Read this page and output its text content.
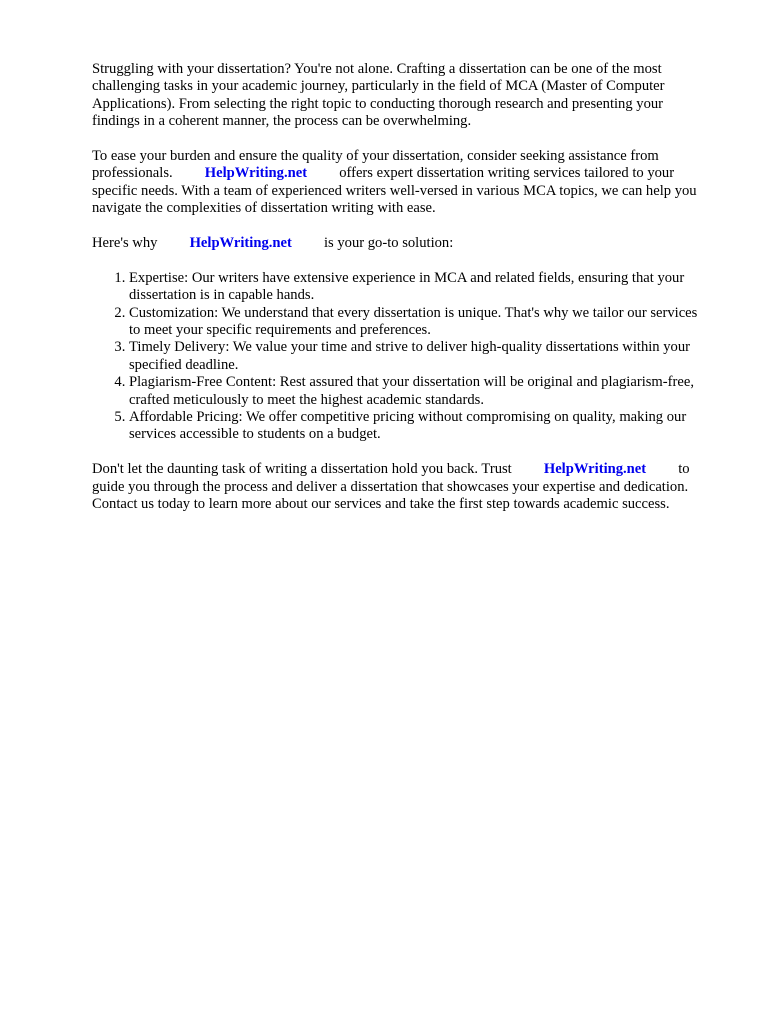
Struggling with your dissertation? You're not alone. Crafting a dissertation can be one of the most challenging tasks in your academic journey, particularly in the field of MCA (Master of Computer Applications). From selecting the right topic to conducting thorough research and presenting your findings in a coherent manner, the process can be overwhelming.

To ease your burden and ensure the quality of your dissertation, consider seeking assistance from professionals. HelpWriting.net offers expert dissertation writing services tailored to your specific needs. With a team of experienced writers well-versed in various MCA topics, we can help you navigate the complexities of dissertation writing with ease.

Here's why HelpWriting.net is your go-to solution:

1. Expertise: Our writers have extensive experience in MCA and related fields, ensuring that your dissertation is in capable hands.
2. Customization: We understand that every dissertation is unique. That's why we tailor our services to meet your specific requirements and preferences.
3. Timely Delivery: We value your time and strive to deliver high-quality dissertations within your specified deadline.
4. Plagiarism-Free Content: Rest assured that your dissertation will be original and plagiarism-free, crafted meticulously to meet the highest academic standards.
5. Affordable Pricing: We offer competitive pricing without compromising on quality, making our services accessible to students on a budget.

Don't let the daunting task of writing a dissertation hold you back. Trust HelpWriting.net to guide you through the process and deliver a dissertation that showcases your expertise and dedication. Contact us today to learn more about our services and take the first step towards academic success.
